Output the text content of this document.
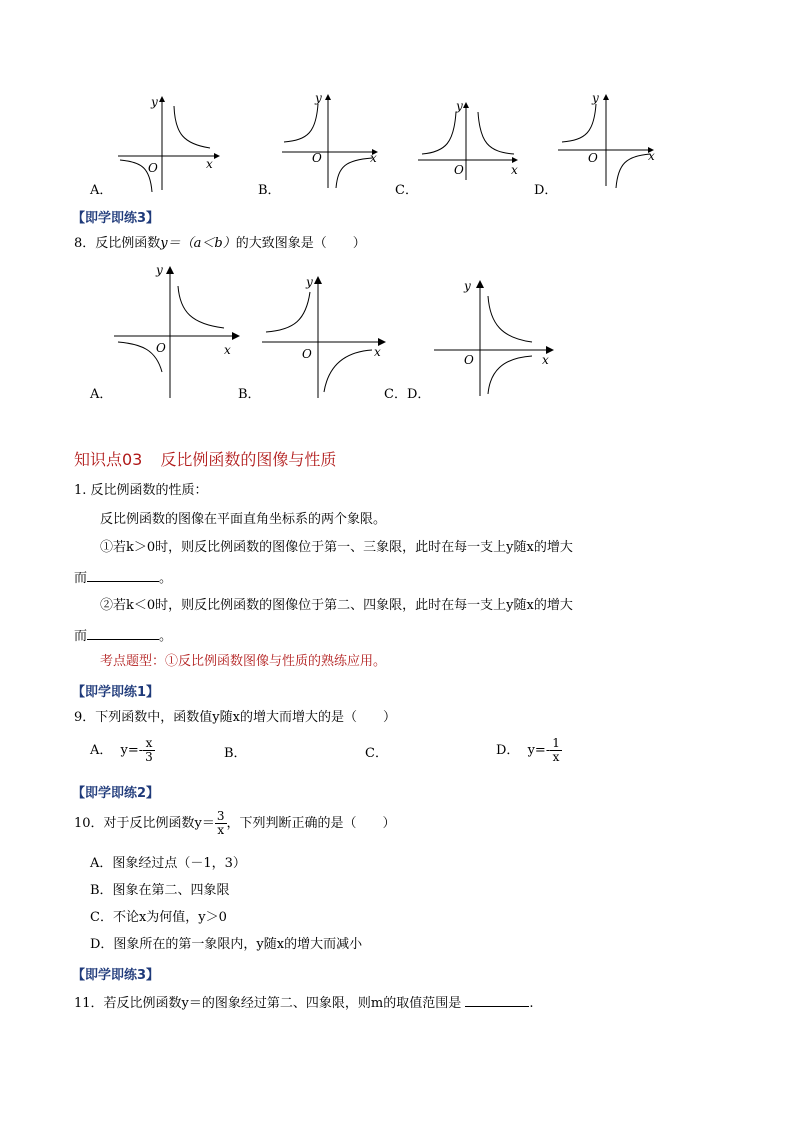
O	x
y
O	x
y
O	x
y
O	x
y
A．	B．	C．	D．
【即学即练3】
8．反比例函数y＝（a＜b）的大致图象是（　　）
O	x
y
O	x
y
O	x
y
A．	B．	C．D．
知识点03 反比例函数的图像与性质
1. 反比例函数的性质：
反比例函数的图像在平面直角坐标系的两个象限。
①若k＞0时，则反比例函数的图像位于第一、三象限，此时在每一支上y随x的增大
而	。
②若k＜0时，则反比例函数的图像位于第二、四象限，此时在每一支上y随x的增大
而	。
考点题型：①反比例函数图像与性质的熟练应用。
【即学即练1】
9．下列函数中，函数值y随x的增大而增大的是（　　）
A． $y=- \frac{x}{3}$	B．	C．	D． $y=- \frac{1}{x}$
【即学即练2】
10．对于反比例函数$y= \frac{3}{x}$ ，下列判断正确的是（　　）
A．图象经过点（－1，3）
B．图象在第二、四象限
C．不论x为何值，y＞0
D．图象所在的第一象限内，y随x的增大而减小
【即学即练3】
11．若反比例函数y＝的图象经过第二、四象限，则m的取值范围是	.
